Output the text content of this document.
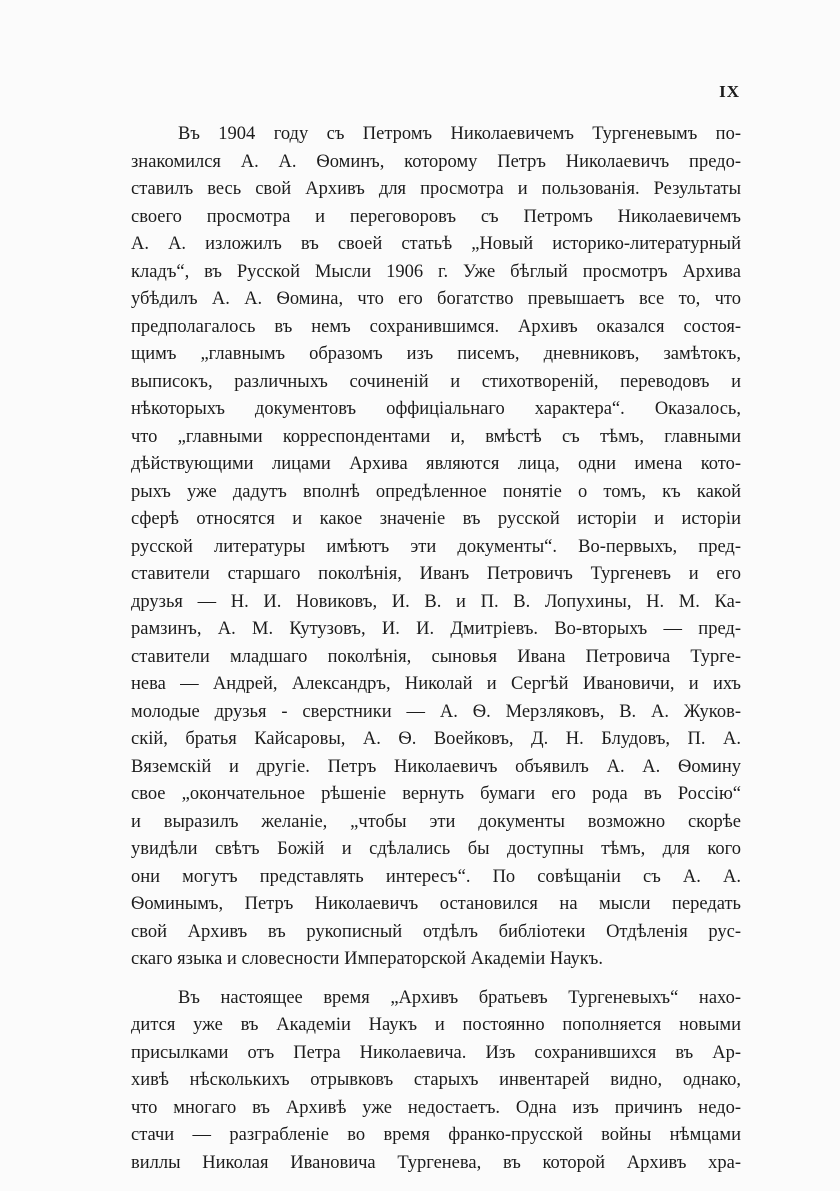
IX
Въ 1904 году съ Петромъ Николаевичемъ Тургеневымъ по-
знакомился А. А. Ѳоминъ, которому Петръ Николаевичъ предо-
ставилъ весь свой Архивъ для просмотра и пользованія. Результаты
своего просмотра и переговоровъ съ Петромъ Николаевичемъ
А. А. изложилъ въ своей статьѣ „Новый историко-литературный
кладъ“, въ Русской Мысли 1906 г. Уже бѣглый просмотръ Архива
убѣдилъ А. А. Ѳомина, что его богатство превышаетъ все то, что
предполагалось въ немъ сохранившимся. Архивъ оказался состоя-
щимъ „главнымъ образомъ изъ писемъ, дневниковъ, замѣтокъ,
выписокъ, различныхъ сочиненій и стихотвореній, переводовъ и
нѣкоторыхъ документовъ оффиціальнаго характера“. Оказалось,
что „главными корреспондентами и, вмѣстѣ съ тѣмъ, главными
дѣйствующими лицами Архива являются лица, одни имена кото-
рыхъ уже дадутъ вполнѣ опредѣленное понятіе о томъ, къ какой
сферѣ относятся и какое значеніе въ русской исторіи и исторіи
русской литературы имѣютъ эти документы“. Во-первыхъ, пред-
ставители старшаго поколѣнія, Иванъ Петровичъ Тургеневъ и его
друзья — Н. И. Новиковъ, И. В. и П. В. Лопухины, Н. М. Ка-
рамзинъ, А. М. Кутузовъ, И. И. Дмитріевъ. Во-вторыхъ — пред-
ставители младшаго поколѣнія, сыновья Ивана Петровича Турге-
нева — Андрей, Александръ, Николай и Сергѣй Ивановичи, и ихъ
молодые друзья - сверстники — А. Ѳ. Мерзляковъ, В. А. Жуков-
скій, братья Кайсаровы, А. Ѳ. Воейковъ, Д. Н. Блудовъ, П. А.
Вяземскій и другіе. Петръ Николаевичъ объявилъ А. А. Ѳомину
свое „окончательное рѣшеніе вернуть бумаги его рода въ Россію“
и выразилъ желаніе, „чтобы эти документы возможно скорѣе
увидѣли свѣтъ Божій и сдѣлались бы доступны тѣмъ, для кого
они могутъ представлять интересъ“. По совѣщаніи съ А. А.
Ѳоминымъ, Петръ Николаевичъ остановился на мысли передать
свой Архивъ въ рукописный отдѣлъ библіотеки Отдѣленія рус-
скаго языка и словесности Императорской Академіи Наукъ.
Въ настоящее время „Архивъ братьевъ Тургеневыхъ“ нахо-
дится уже въ Академіи Наукъ и постоянно пополняется новыми
присылками отъ Петра Николаевича. Изъ сохранившихся въ Ар-
хивѣ нѣсколькихъ отрывковъ старыхъ инвентарей видно, однако,
что многаго въ Архивѣ уже недостаетъ. Одна изъ причинъ недо-
стачи — разграбленіе во время франко-прусской войны нѣмцами
виллы Николая Ивановича Тургенева, въ которой Архивъ хра-
